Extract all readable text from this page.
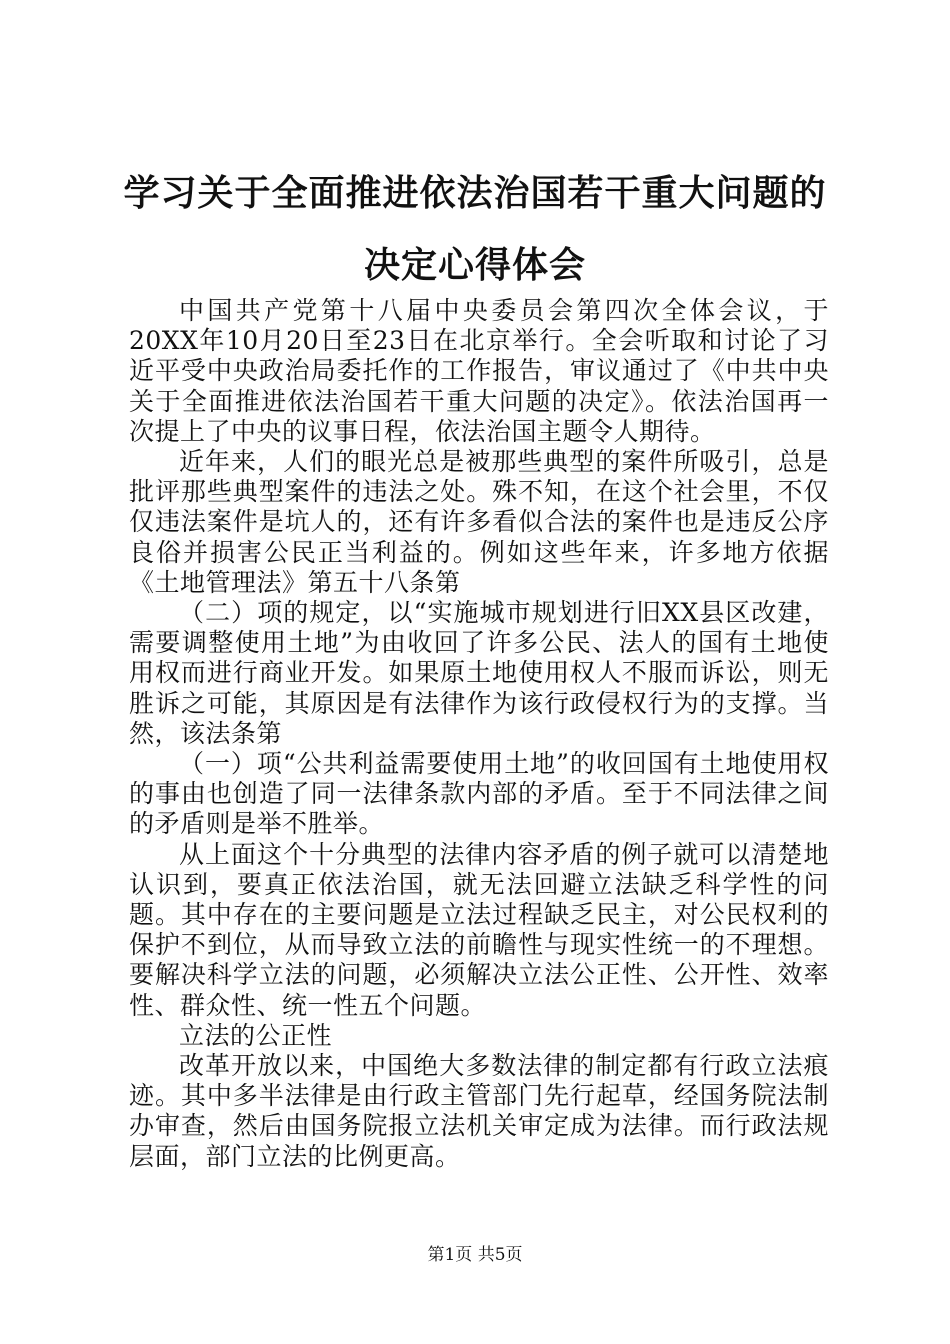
学习关于全面推进依法治国若干重大问题的决定心得体会

中国共产党第十八届中央委员会第四次全体会议，于20XX年10月20日至23日在北京举行。全会听取和讨论了习近平受中央政治局委托作的工作报告，审议通过了《中共中央关于全面推进依法治国若干重大问题的决定》。依法治国再一次提上了中央的议事日程，依法治国主题令人期待。

近年来，人们的眼光总是被那些典型的案件所吸引，总是批评那些典型案件的违法之处。殊不知，在这个社会里，不仅仅违法案件是坑人的，还有许多看似合法的案件也是违反公序良俗并损害公民正当利益的。例如这些年来，许多地方依据《土地管理法》第五十八条第

（二）项的规定，以“实施城市规划进行旧XX县区改建，需要调整使用土地”为由收回了许多公民、法人的国有土地使用权而进行商业开发。如果原土地使用权人不服而诉讼，则无胜诉之可能，其原因是有法律作为该行政侵权行为的支撑。当然，该法条第

（一）项“公共利益需要使用土地”的收回国有土地使用权的事由也创造了同一法律条款内部的矛盾。至于不同法律之间的矛盾则是举不胜举。

从上面这个十分典型的法律内容矛盾的例子就可以清楚地认识到，要真正依法治国，就无法回避立法缺乏科学性的问题。其中存在的主要问题是立法过程缺乏民主，对公民权利的保护不到位，从而导致立法的前瞻性与现实性统一的不理想。要解决科学立法的问题，必须解决立法公正性、公开性、效率性、群众性、统一性五个问题。

立法的公正性

改革开放以来，中国绝大多数法律的制定都有行政立法痕迹。其中多半法律是由行政主管部门先行起草，经国务院法制办审查，然后由国务院报立法机关审定成为法律。而行政法规层面，部门立法的比例更高。

第1页 共5页
